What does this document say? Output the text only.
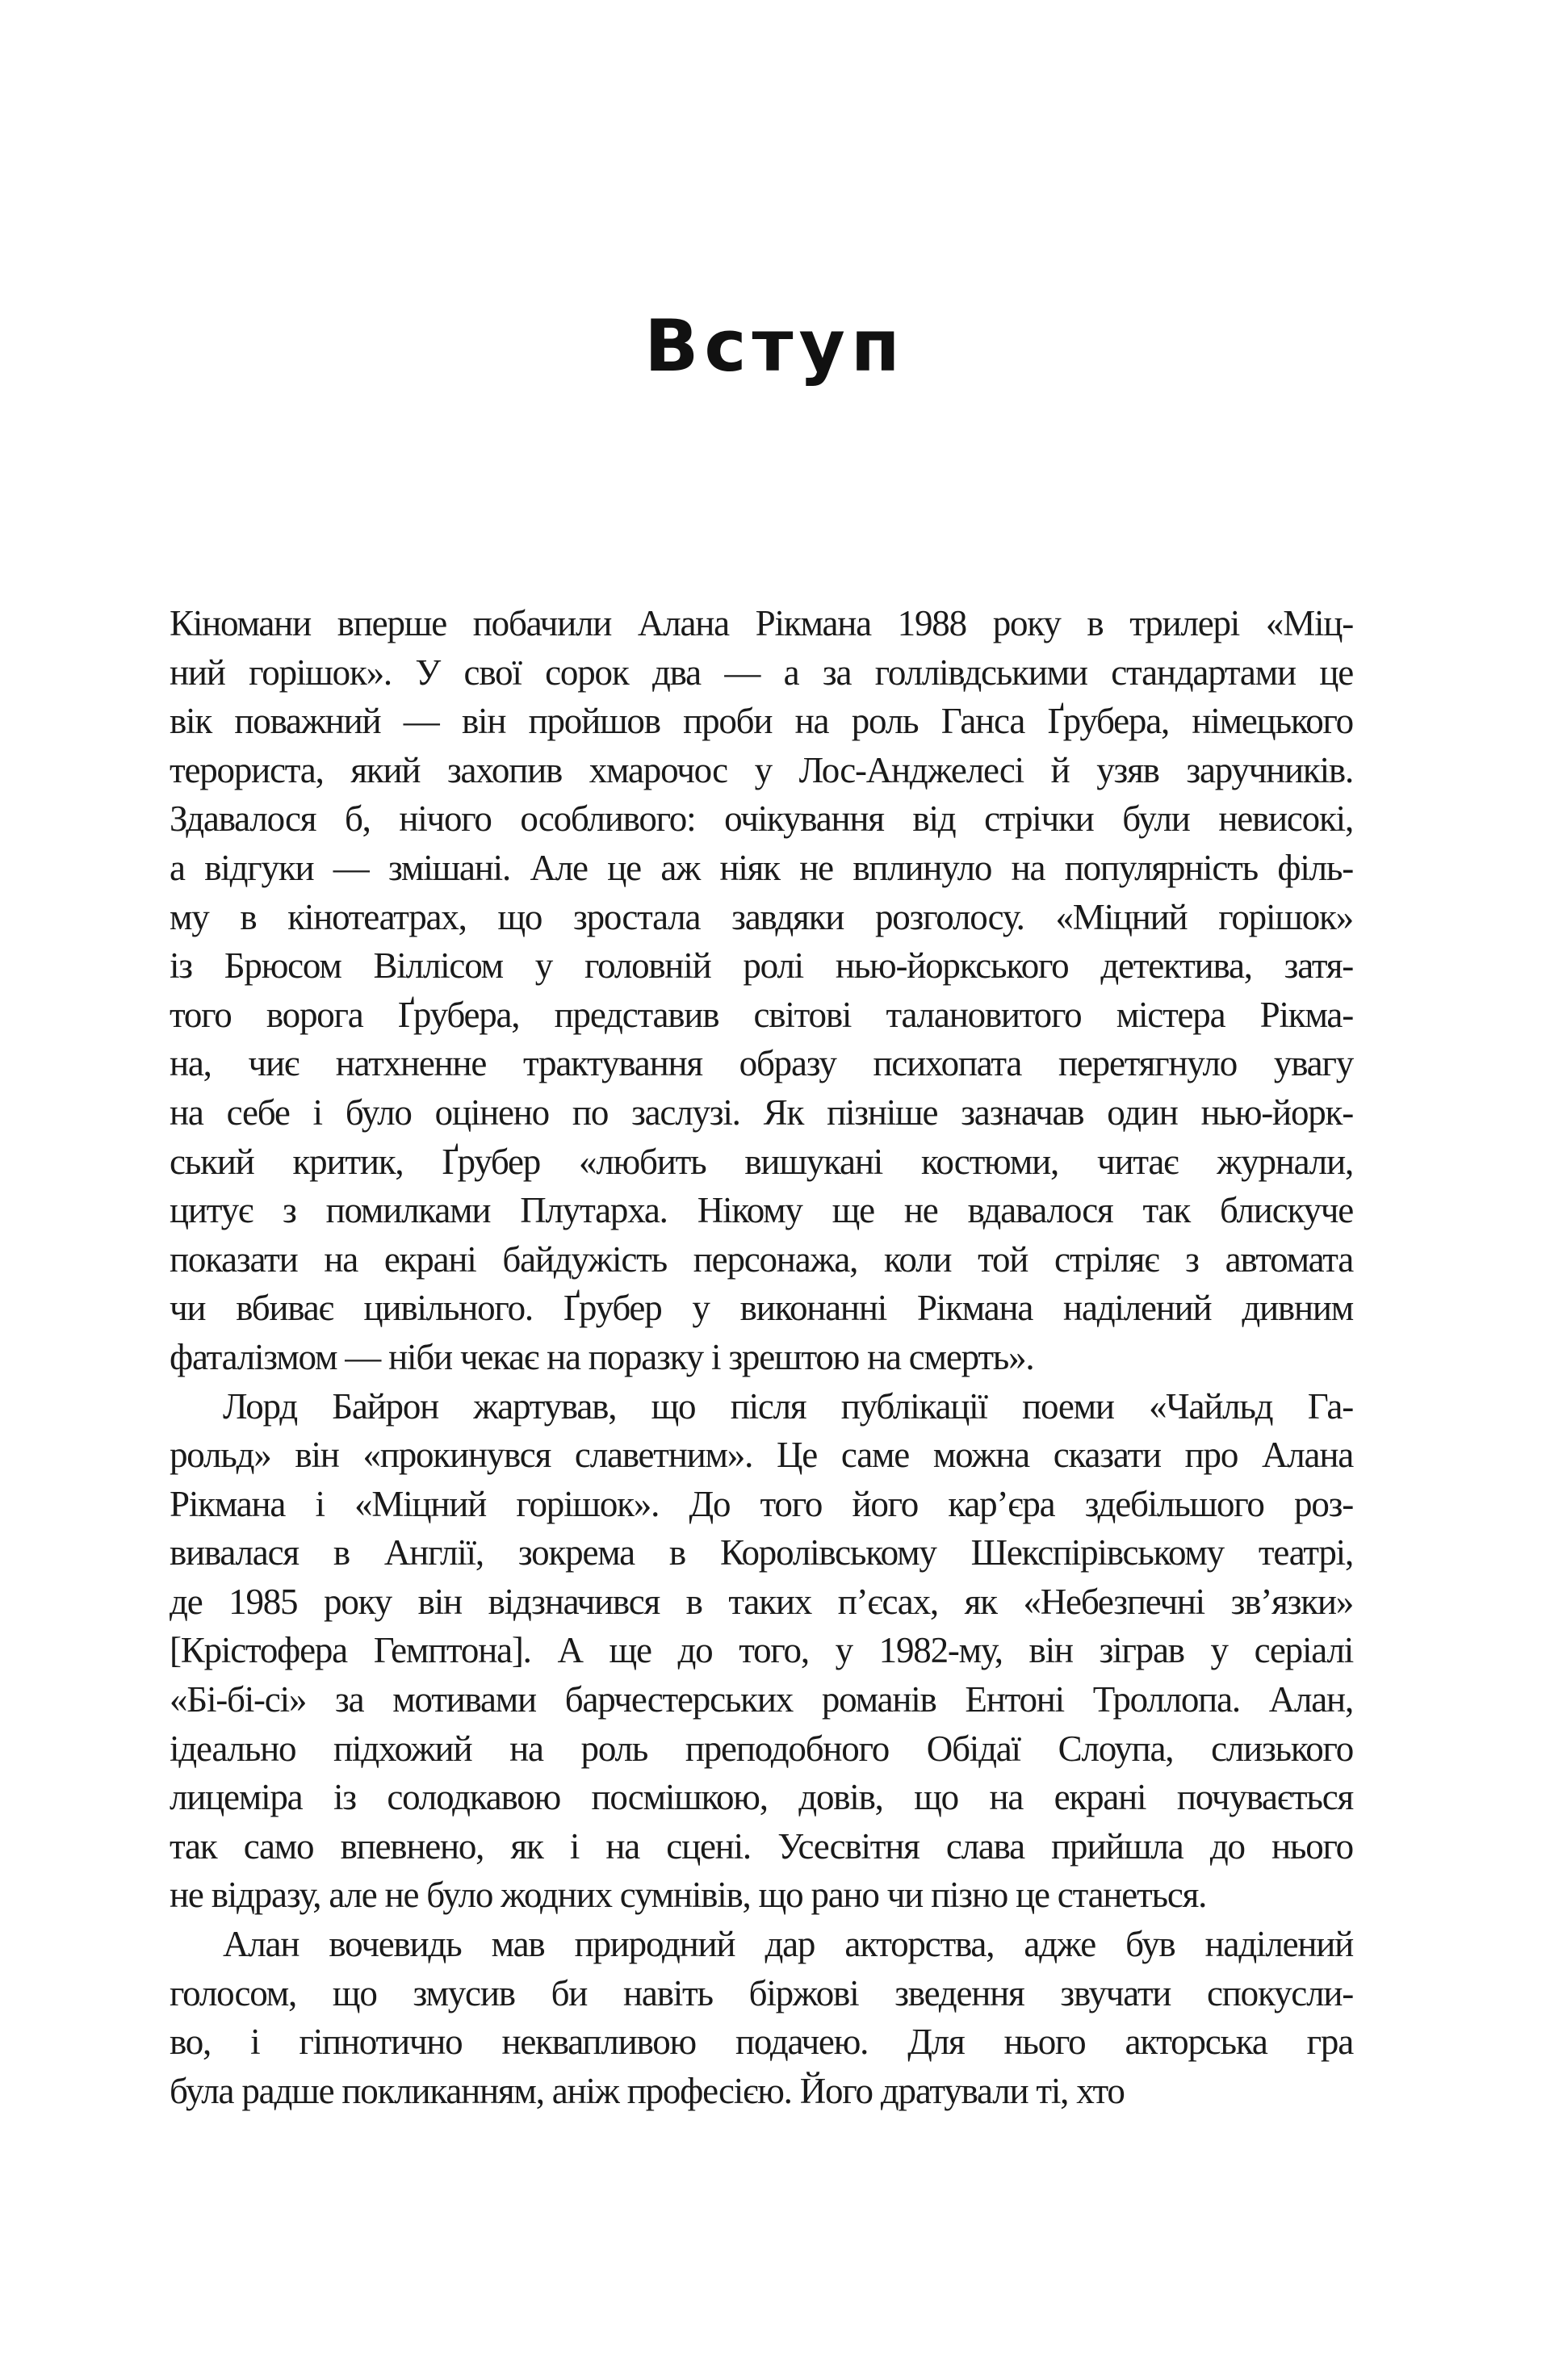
Вступ
Кіномани вперше побачили Алана Рікмана 1988 року в трилері «Міц-
ний горішок». У свої сорок два — а за голлівдськими стандартами це
вік поважний — він пройшов проби на роль Ганса Ґрубера, німецького
терориста, який захопив хмарочос у Лос-Анджелесі й узяв заручників.
Здавалося б, нічого особливого: очікування від стрічки були невисокі,
а відгуки — змішані. Але це аж ніяк не вплинуло на популярність філь-
му в кінотеатрах, що зростала завдяки розголосу. «Міцний горішок»
із Брюсом Віллісом у головній ролі нью-йоркського детектива, затя-
того ворога Ґрубера, представив світові талановитого містера Рікма-
на, чиє натхненне трактування образу психопата перетягнуло увагу
на себе і було оцінено по заслузі. Як пізніше зазначав один нью-йорк-
ський критик, Ґрубер «любить вишукані костюми, читає журнали,
цитує з помилками Плутарха. Нікому ще не вдавалося так блискуче
показати на екрані байдужість персонажа, коли той стріляє з автомата
чи вбиває цивільного. Ґрубер у виконанні Рікмана наділений дивним
фаталізмом — ніби чекає на поразку і зрештою на смерть».
Лорд Байрон жартував, що після публікації поеми «Чайльд Га-
рольд» він «прокинувся славетним». Це саме можна сказати про Алана
Рікмана і «Міцний горішок». До того його кар’єра здебільшого роз-
вивалася в Англії, зокрема в Королівському Шекспірівському театрі,
де 1985 року він відзначився в таких п’єсах, як «Небезпечні зв’язки»
[Крістофера Гемптона]. А ще до того, у 1982-му, він зіграв у серіалі
«Бі-бі-сі» за мотивами барчестерських романів Ентоні Троллопа. Алан,
ідеально підхожий на роль преподобного Обідаї Слоупа, слизького
лицеміра із солодкавою посмішкою, довів, що на екрані почувається
так само впевнено, як і на сцені. Усесвітня слава прийшла до нього
не відразу, але не було жодних сумнівів, що рано чи пізно це станеться.
Алан вочевидь мав природний дар акторства, адже був наділений
голосом, що змусив би навіть біржові зведення звучати спокусли-
во, і гіпнотично неквапливою подачею. Для нього акторська гра
була радше покликанням, аніж професією. Його дратували ті, хто
